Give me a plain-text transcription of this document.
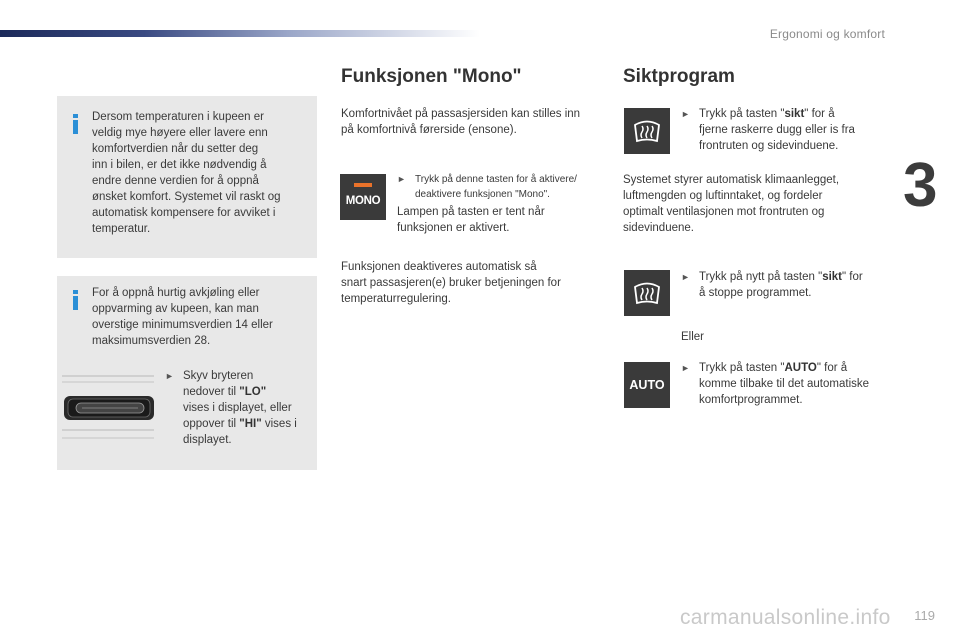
Ergonomi og komfort
3
Dersom temperaturen i kupeen er
veldig mye høyere eller lavere enn
komfortverdien når du setter deg
inn i bilen, er det ikke nødvendig å
endre denne verdien for å oppnå
ønsket komfort. Systemet vil raskt og
automatisk kompensere for avviket i
temperatur.
For å oppnå hurtig avkjøling eller
oppvarming av kupeen, kan man
overstige minimumsverdien 14 eller
maksimumsverdien 28.
► Skyv bryteren
nedover til "LO"
vises i displayet, eller
oppover til "HI" vises i
displayet.
Funksjonen "Mono"
Komfortnivået på passasjersiden kan stilles inn
på komfortnivå førerside (ensone).
MONO
► Trykk på denne tasten for å aktivere/
deaktivere funksjonen "Mono".
Lampen på tasten er tent når
funksjonen er aktivert.
Funksjonen deaktiveres automatisk så
snart passasjeren(e) bruker betjeningen for
temperaturregulering.
Siktprogram
► Trykk på tasten "sikt" for å
fjerne raskerre dugg eller is fra
frontruten og sidevinduene.
Systemet styrer automatisk klimaanlegget,
luftmengden og luftinntaket, og fordeler
optimalt ventilasjonen mot frontruten og
sidevinduene.
► Trykk på nytt på tasten "sikt" for
å stoppe programmet.
Eller
AUTO
► Trykk på tasten "AUTO" for å
komme tilbake til det automatiske
komfortprogrammet.
carmanualsonline.info 119
